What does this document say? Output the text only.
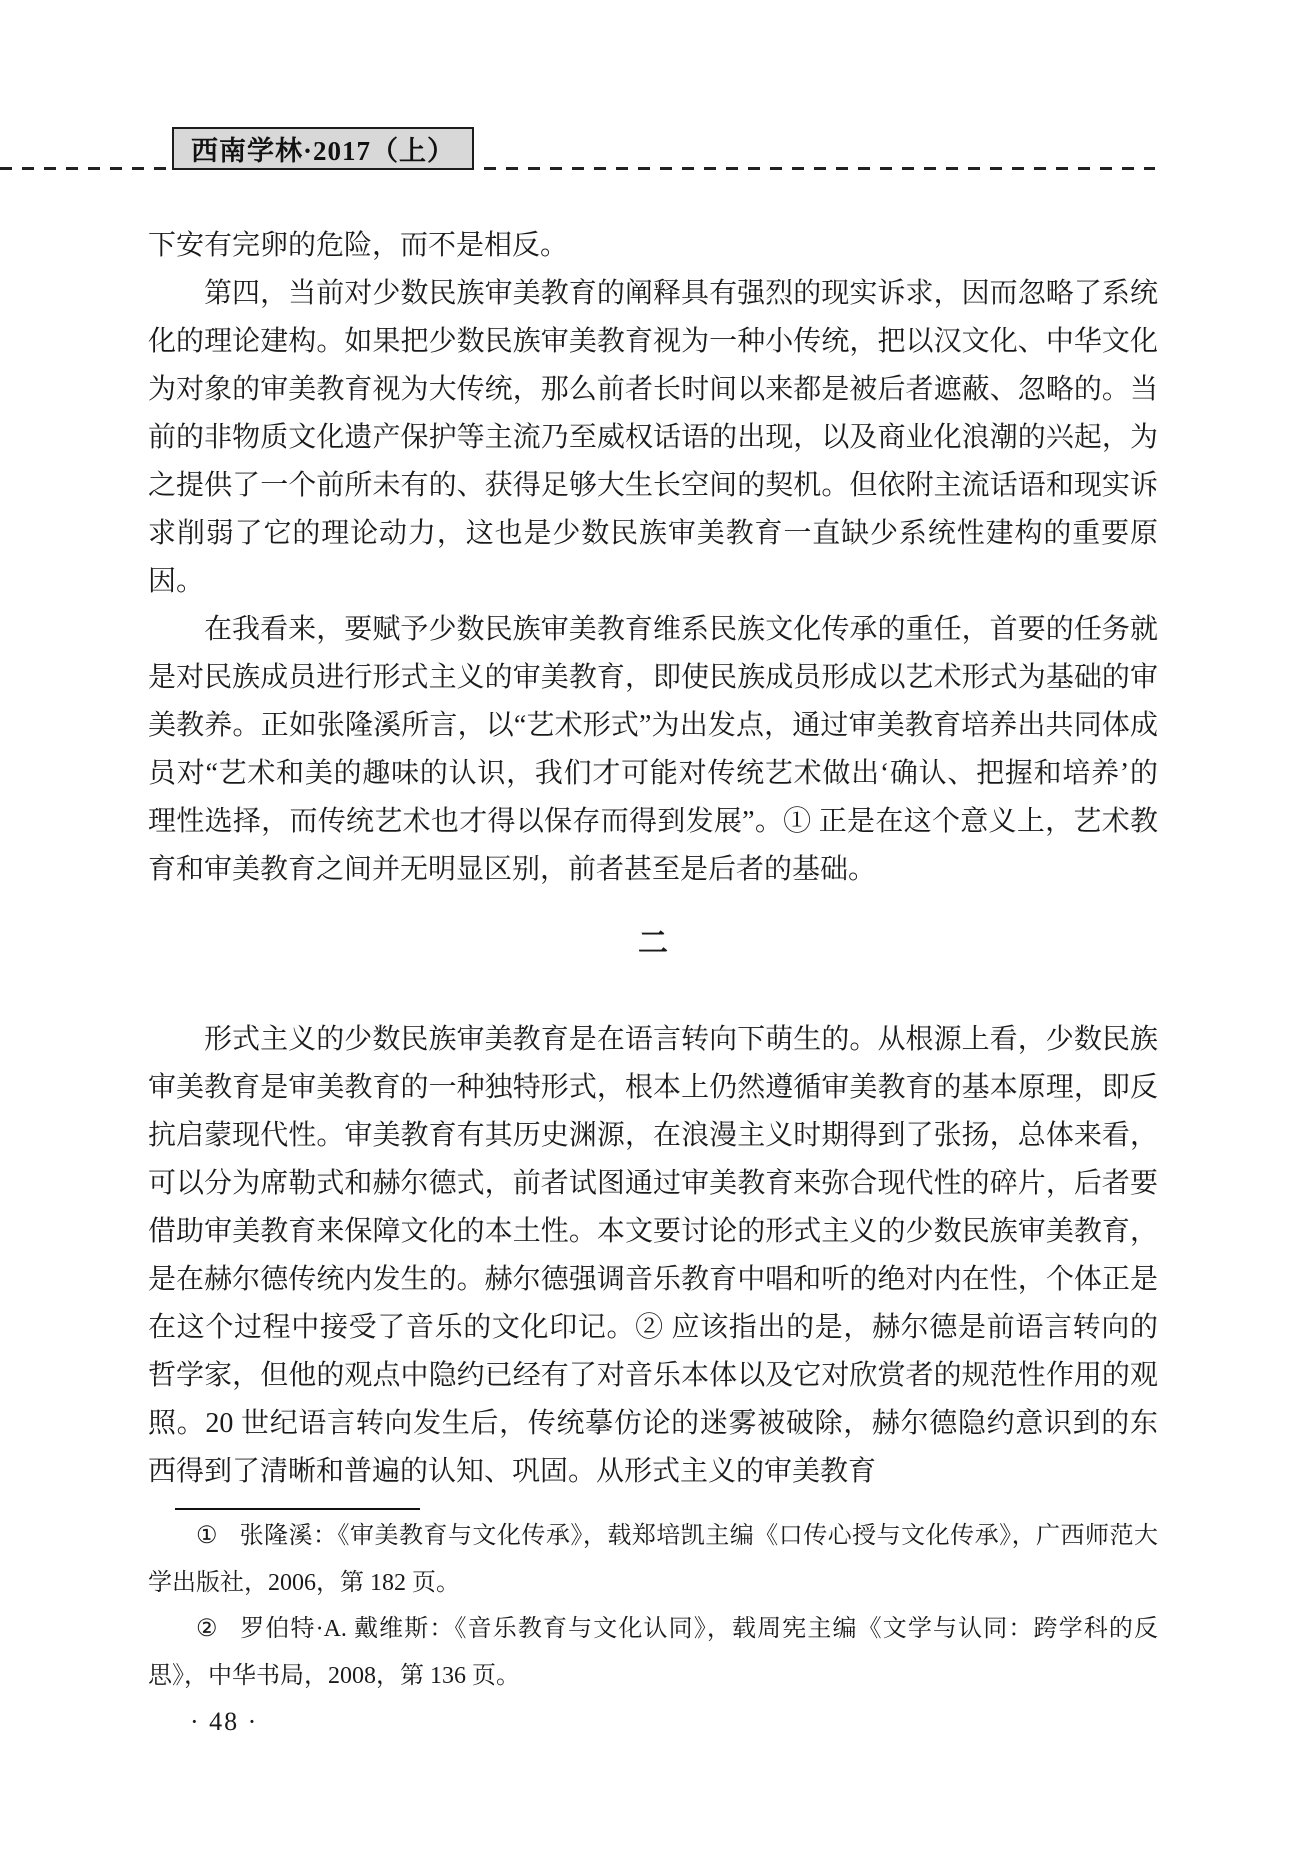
西南学林·2017（上）

下安有完卵的危险，而不是相反。

第四，当前对少数民族审美教育的阐释具有强烈的现实诉求，因而忽略了系统化的理论建构。如果把少数民族审美教育视为一种小传统，把以汉文化、中华文化为对象的审美教育视为大传统，那么前者长时间以来都是被后者遮蔽、忽略的。当前的非物质文化遗产保护等主流乃至威权话语的出现，以及商业化浪潮的兴起，为之提供了一个前所未有的、获得足够大生长空间的契机。但依附主流话语和现实诉求削弱了它的理论动力，这也是少数民族审美教育一直缺少系统性建构的重要原因。

在我看来，要赋予少数民族审美教育维系民族文化传承的重任，首要的任务就是对民族成员进行形式主义的审美教育，即使民族成员形成以艺术形式为基础的审美教养。正如张隆溪所言，以“艺术形式”为出发点，通过审美教育培养出共同体成员对“艺术和美的趣味的认识，我们才可能对传统艺术做出‘确认、把握和培养’的理性选择，而传统艺术也才得以保存而得到发展”。① 正是在这个意义上，艺术教育和审美教育之间并无明显区别，前者甚至是后者的基础。

二

形式主义的少数民族审美教育是在语言转向下萌生的。从根源上看，少数民族审美教育是审美教育的一种独特形式，根本上仍然遵循审美教育的基本原理，即反抗启蒙现代性。审美教育有其历史渊源，在浪漫主义时期得到了张扬，总体来看，可以分为席勒式和赫尔德式，前者试图通过审美教育来弥合现代性的碎片，后者要借助审美教育来保障文化的本土性。本文要讨论的形式主义的少数民族审美教育，是在赫尔德传统内发生的。赫尔德强调音乐教育中唱和听的绝对内在性，个体正是在这个过程中接受了音乐的文化印记。② 应该指出的是，赫尔德是前语言转向的哲学家，但他的观点中隐约已经有了对音乐本体以及它对欣赏者的规范性作用的观照。20 世纪语言转向发生后，传统摹仿论的迷雾被破除，赫尔德隐约意识到的东西得到了清晰和普遍的认知、巩固。从形式主义的审美教育

① 张隆溪：《审美教育与文化传承》，载郑培凯主编《口传心授与文化传承》，广西师范大学出版社，2006，第 182 页。

② 罗伯特·A. 戴维斯：《音乐教育与文化认同》，载周宪主编《文学与认同：跨学科的反思》，中华书局，2008，第 136 页。

· 48 ·
